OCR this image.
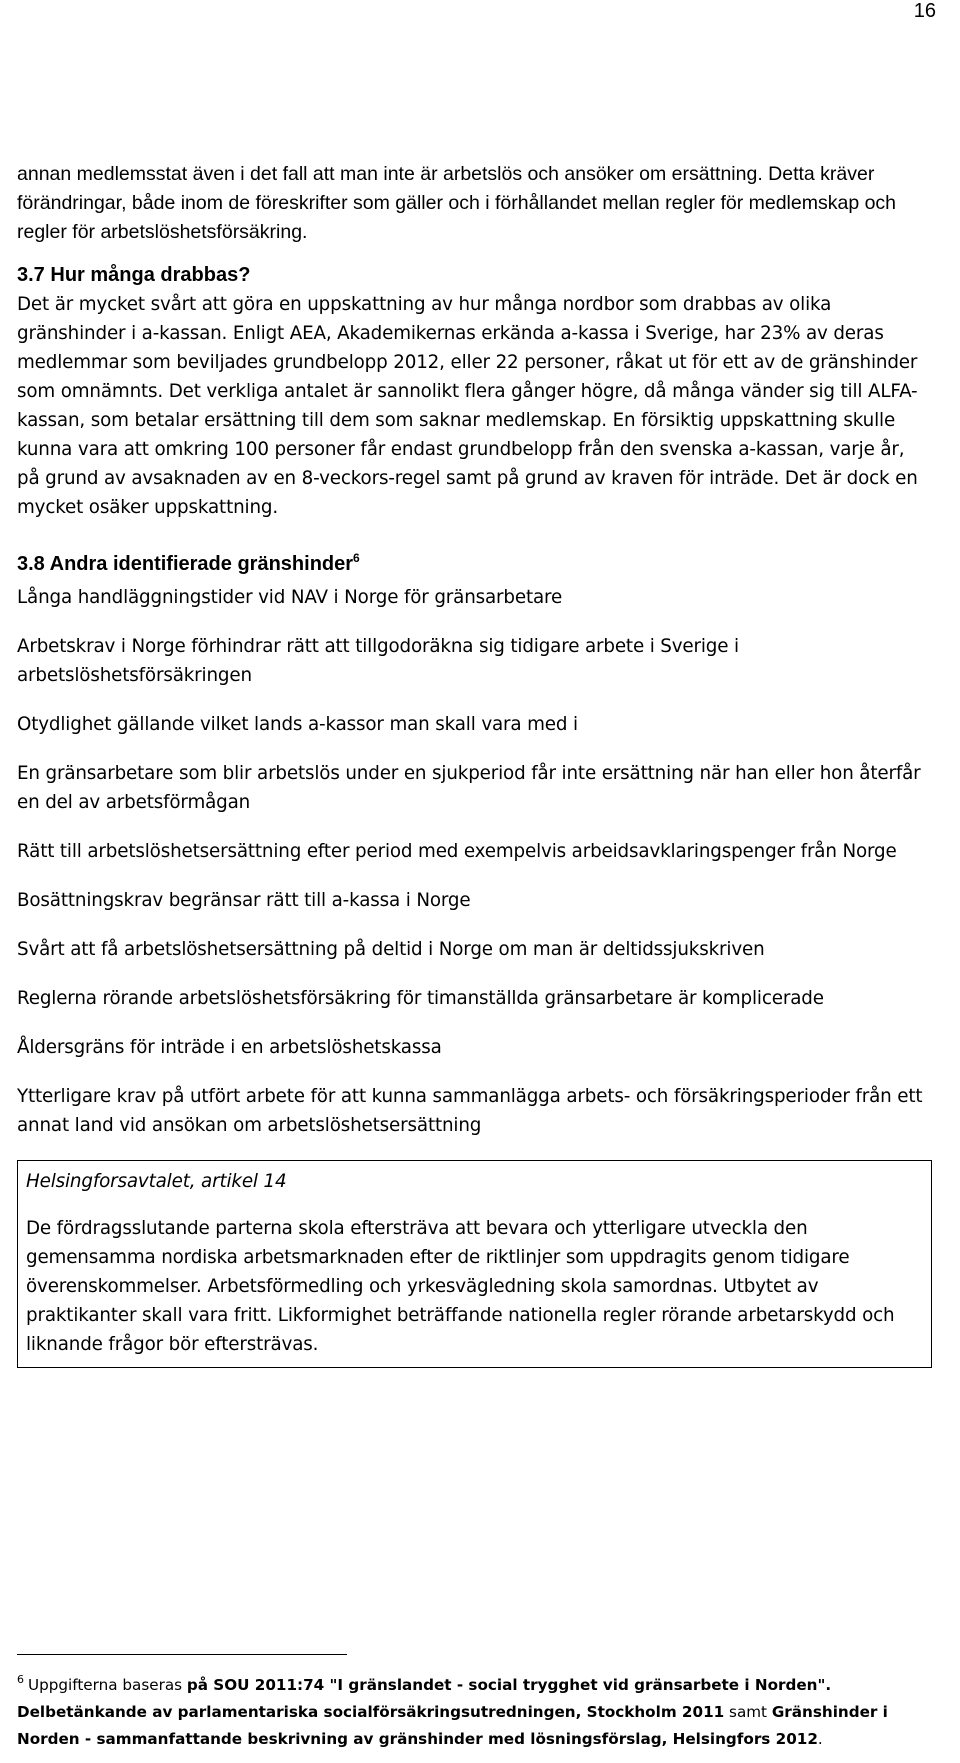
16

annan medlemsstat även i det fall att man inte är arbetslös och ansöker om ersättning. Detta kräver förändringar, både inom de föreskrifter som gäller och i förhållandet mellan regler för medlemskap och regler för arbetslöshetsförsäkring.

3.7 Hur många drabbas?

Det är mycket svårt att göra en uppskattning av hur många nordbor som drabbas av olika gränshinder i a-kassan. Enligt AEA, Akademikernas erkända a-kassa i Sverige, har 23% av deras medlemmar som beviljades grundbelopp 2012, eller 22 personer, råkat ut för ett av de gränshinder som omnämnts. Det verkliga antalet är sannolikt flera gånger högre, då många vänder sig till ALFA-kassan, som betalar ersättning till dem som saknar medlemskap. En försiktig uppskattning skulle kunna vara att omkring 100 personer får endast grundbelopp från den svenska a-kassan, varje år, på grund av avsaknaden av en 8-veckors-regel samt på grund av kraven för inträde. Det är dock en mycket osäker uppskattning.

3.8 Andra identifierade gränshinder$^6$

Långa handläggningstider vid NAV i Norge för gränsarbetare

Arbetskrav i Norge förhindrar rätt att tillgodoräkna sig tidigare arbete i Sverige i arbetslöshetsförsäkringen

Otydlighet gällande vilket lands a-kassor man skall vara med i

En gränsarbetare som blir arbetslös under en sjukperiod får inte ersättning när han eller hon återfår en del av arbetsförmågan

Rätt till arbetslöshetsersättning efter period med exempelvis arbeidsavklaringspenger från Norge

Bosättningskrav begränsar rätt till a-kassa i Norge

Svårt att få arbetslöshetsersättning på deltid i Norge om man är deltidssjukskriven

Reglerna rörande arbetslöshetsförsäkring för timanställda gränsarbetare är komplicerade

Åldersgräns för inträde i en arbetslöshetskassa

Ytterligare krav på utfört arbete för att kunna sammanlägga arbets- och försäkringsperioder från ett annat land vid ansökan om arbetslöshetsersättning

Helsingforsavtalet, artikel 14

De fördragsslutande parterna skola eftersträva att bevara och ytterligare utveckla den gemensamma nordiska arbetsmarknaden efter de riktlinjer som uppdragits genom tidigare överenskommelser. Arbetsförmedling och yrkesvägledning skola samordnas. Utbytet av praktikanter skall vara fritt. Likformighet beträffande nationella regler rörande arbetarskydd och liknande frågor bör eftersträvas.

$^6$ Uppgifterna baseras på SOU 2011:74 "I gränslandet - social trygghet vid gränsarbete i Norden". Delbetänkande av parlamentariska socialförsäkringsutredningen, Stockholm 2011 samt Gränshinder i Norden - sammanfattande beskrivning av gränshinder med lösningsförslag, Helsingfors 2012.
